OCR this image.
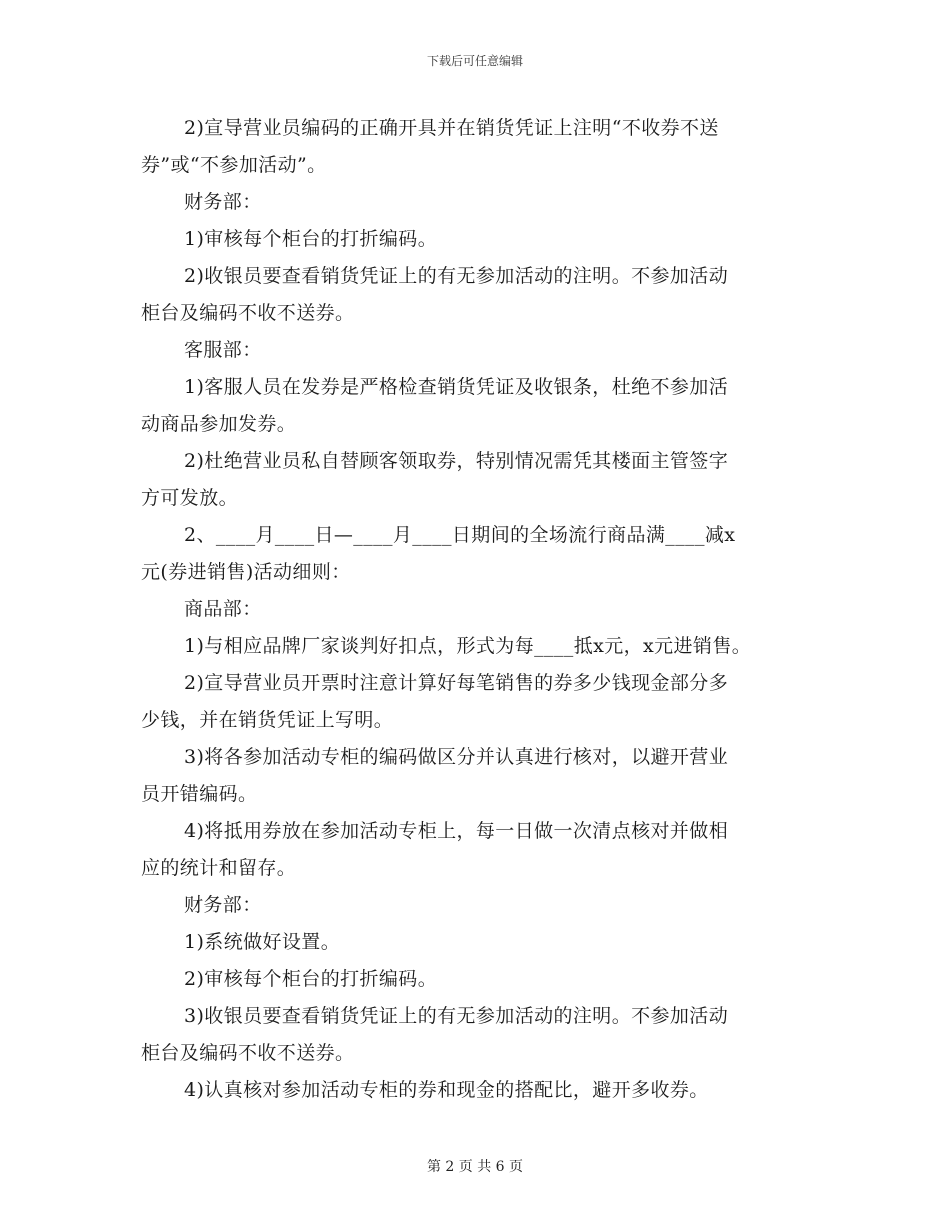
下载后可任意编辑

2)宣导营业员编码的正确开具并在销货凭证上注明“不收券不送

券”或“不参加活动”。

财务部：

1)审核每个柜台的打折编码。

2)收银员要查看销货凭证上的有无参加活动的注明。不参加活动

柜台及编码不收不送券。

客服部：

1)客服人员在发券是严格检查销货凭证及收银条，杜绝不参加活

动商品参加发券。

2)杜绝营业员私自替顾客领取券，特别情况需凭其楼面主管签字

方可发放。

2、____月____日—____月____日期间的全场流行商品满____减x

元(券进销售)活动细则：

商品部：

1)与相应品牌厂家谈判好扣点，形式为每____抵x元，x元进销售。

2)宣导营业员开票时注意计算好每笔销售的券多少钱现金部分多

少钱，并在销货凭证上写明。

3)将各参加活动专柜的编码做区分并认真进行核对，以避开营业

员开错编码。

4)将抵用券放在参加活动专柜上，每一日做一次清点核对并做相

应的统计和留存。

财务部：

1)系统做好设置。

2)审核每个柜台的打折编码。

3)收银员要查看销货凭证上的有无参加活动的注明。不参加活动

柜台及编码不收不送券。

4)认真核对参加活动专柜的券和现金的搭配比，避开多收券。

第 2 页 共 6 页
